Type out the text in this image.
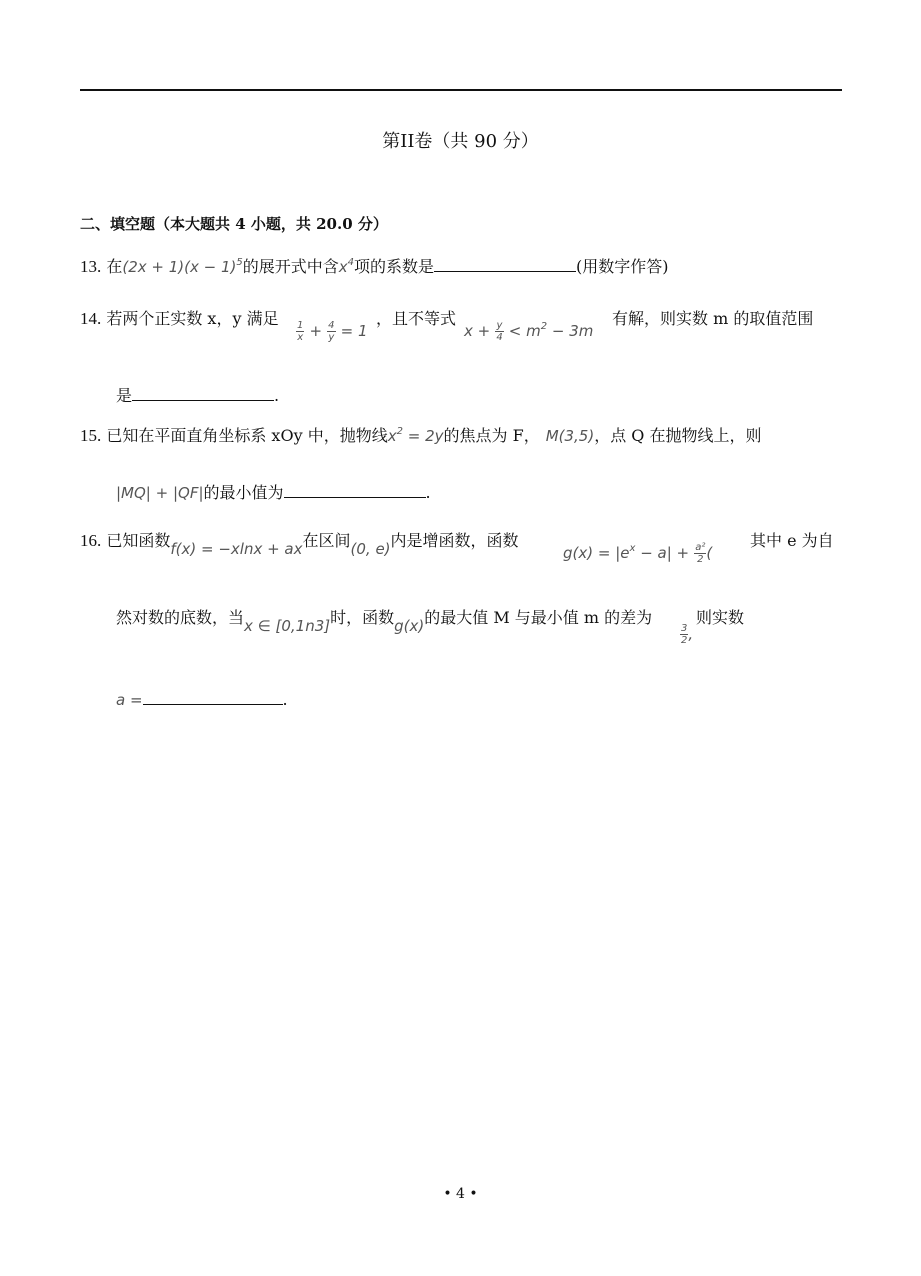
第II卷（共 90 分）
二、填空题（本大题共 4 小题，共 20.0 分）
13. 在$(2x + 1)(x - 1)^5$的展开式中含$x^4$项的系数是	(用数字作答)
14. 若两个正实数 x，y 满足
$\frac{1}{x} + \frac{4}{y} = 1$
，且不等式
$x + \frac{y}{4} < m^2 - 3m$
有解，则实数 m 的取值范围
是	.
15. 已知在平面直角坐标系 xOy 中，抛物线$x^2 = 2y$的焦点为 F， M(3,5)，点 Q 在抛物线上，则
|MQ| + |QF|的最小值为	.
16. 已知函数f(x) = −xlnx + ax在区间(0, e)内是增函数，函数
$g(x) = |e^x - a| + \frac{\text{a²}}{2}$ (
其中 e 为自
然对数的底数，当x ∈ [0,1n3]时，函数g(x)的最大值 M 与最小值 m 的差为
$\frac{3}{2}$ ,
则实数
a =	.
• 4 •
